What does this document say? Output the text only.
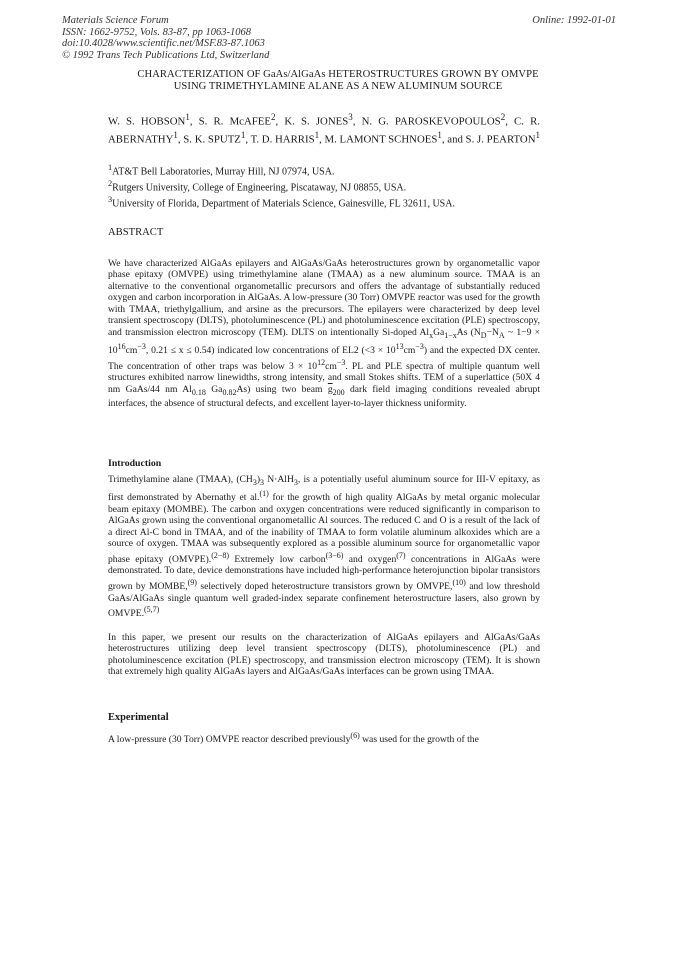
Materials Science Forum
ISSN: 1662-9752, Vols. 83-87, pp 1063-1068
doi:10.4028/www.scientific.net/MSF.83-87.1063
© 1992 Trans Tech Publications Ltd, Switzerland
Online: 1992-01-01
CHARACTERIZATION OF GaAs/AlGaAs HETEROSTRUCTURES GROWN BY OMVPE
USING TRIMETHYLAMINE ALANE AS A NEW ALUMINUM SOURCE
W. S. HOBSON$^1$, S. R. McAFEE$^2$, K. S. JONES$^3$, N. G. PAROSKEVOPOULOS$^2$, C. R. ABERNATHY$^1$, S. K. SPUTZ$^1$, T. D. HARRIS$^1$, M. LAMONT SCHNOES$^1$, and S. J. PEARTON$^1$
$^1$AT&T Bell Laboratories, Murray Hill, NJ 07974, USA.
$^2$Rutgers University, College of Engineering, Piscataway, NJ 08855, USA.
$^3$University of Florida, Department of Materials Science, Gainesville, FL 32611, USA.
ABSTRACT

We have characterized AlGaAs epilayers and AlGaAs/GaAs heterostructures grown by organometallic vapor phase epitaxy (OMVPE) using trimethylamine alane (TMAA) as a new aluminum source. TMAA is an alternative to the conventional organometallic precursors and offers the advantage of substantially reduced oxygen and carbon incorporation in AlGaAs. A low-pressure (30 Torr) OMVPE reactor was used for the growth with TMAA, triethylgallium, and arsine as the precursors. The epilayers were characterized by deep level transient spectroscopy (DLTS), photoluminescence (PL) and photoluminescence excitation (PLE) spectroscopy, and transmission electron microscopy (TEM). DLTS on intentionally Si-doped $Al_xGa_{1-x}As$ ($N_D-N_A$ ~ $1-9 \times 10^{16}cm^{-3}$, 0.21 ≤ x ≤ 0.54) indicated low concentrations of EL2 $(<3 \times 10^{13}cm^{-3})$ and the expected DX center. The concentration of other traps was below $3 \times 10^{12}cm^{-3}$. PL and PLE spectra of multiple quantum well structures exhibited narrow linewidths, strong intensity, and small Stokes shifts. TEM of a superlattice (50X 4 nm GaAs/44 nm $Al_{0.18}$ $Ga_{0.82}As$) using two beam $\overline{g}_{200}$ dark field imaging conditions revealed abrupt interfaces, the absence of structural defects, and excellent layer-to-layer thickness uniformity.

Introduction

Trimethylamine alane (TMAA), $(CH_3)_3$ N·AlH$_3$, is a potentially useful aluminum source for III-V epitaxy, as first demonstrated by Abernathy et al.$^{(1)}$ for the growth of high quality AlGaAs by metal organic molecular beam epitaxy (MOMBE). The carbon and oxygen concentrations were reduced significantly in comparison to AlGaAs grown using the conventional organometallic Al sources. The reduced C and O is a result of the lack of a direct Al-C bond in TMAA, and of the inability of TMAA to form volatile aluminum alkoxides which are a source of oxygen. TMAA was subsequently explored as a possible aluminum source for organometallic vapor phase epitaxy (OMVPE).$^{(2-8)}$ Extremely low carbon$^{(3-6)}$ and oxygen$^{(7)}$ concentrations in AlGaAs were demonstrated. To date, device demonstrations have included high-performance heterojunction bipolar transistors grown by MOMBE,$^{(9)}$ selectively doped heterostructure transistors grown by OMVPE,$^{(10)}$ and low threshold GaAs/AlGaAs single quantum well graded-index separate confinement heterostructure lasers, also grown by OMVPE.$^{(5,7)}$

In this paper, we present our results on the characterization of AlGaAs epilayers and AlGaAs/GaAs heterostructures utilizing deep level transient spectroscopy (DLTS), photoluminescence (PL) and photoluminescence excitation (PLE) spectroscopy, and transmission electron microscopy (TEM). It is shown that extremely high quality AlGaAs layers and AlGaAs/GaAs interfaces can be grown using TMAA.

Experimental
A low-pressure (30 Torr) OMVPE reactor described previously$^{(6)}$ was used for the growth of the
